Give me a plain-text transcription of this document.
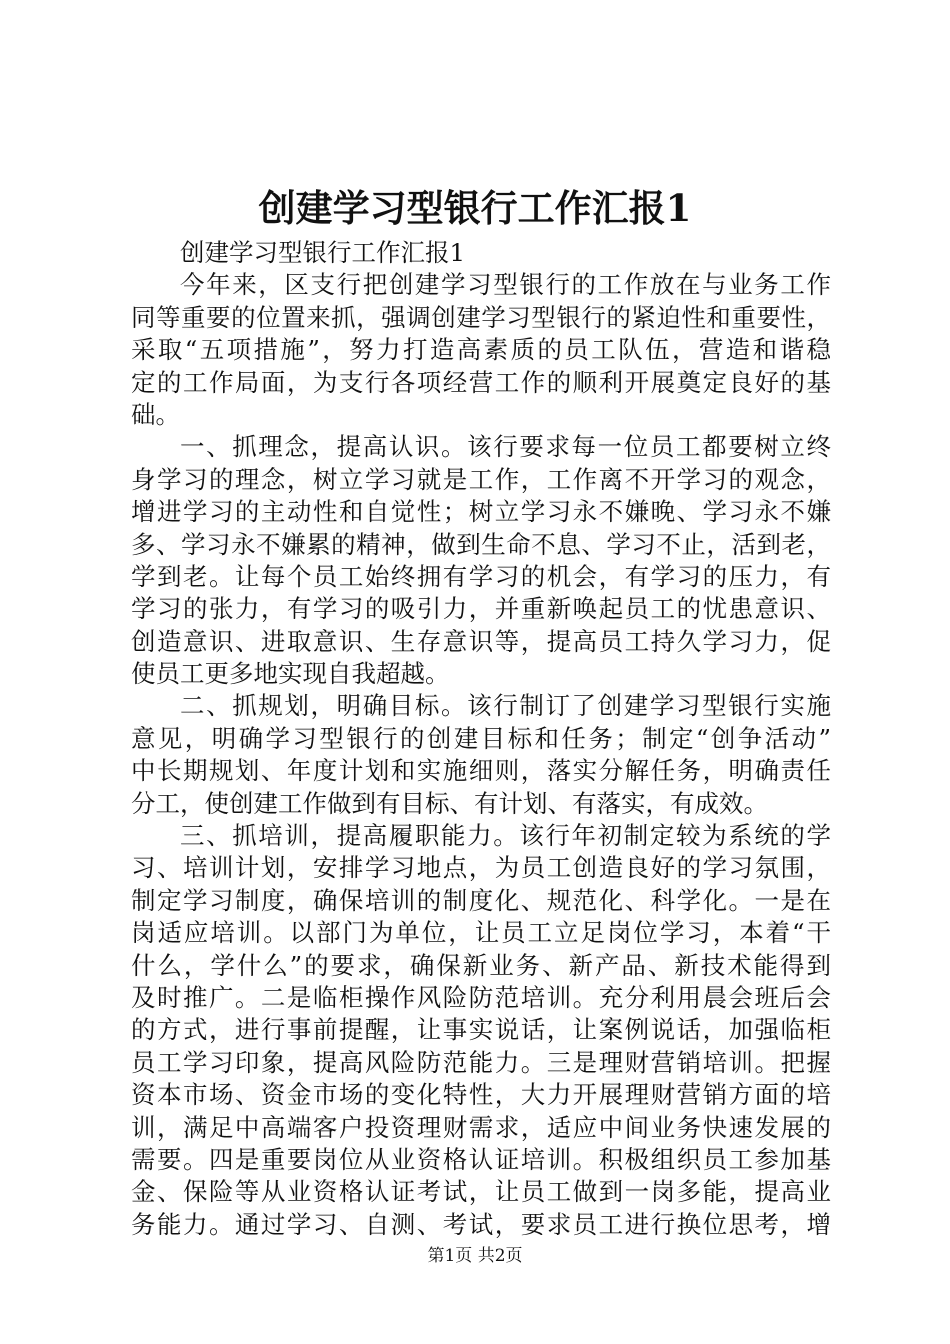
创建学习型银行工作汇报1
创建学习型银行工作汇报1
今年来，区支行把创建学习型银行的工作放在与业务工作
同等重要的位置来抓，强调创建学习型银行的紧迫性和重要性，
采取“五项措施”，努力打造高素质的员工队伍，营造和谐稳
定的工作局面，为支行各项经营工作的顺利开展奠定良好的基
础。
一、抓理念，提高认识。该行要求每一位员工都要树立终
身学习的理念，树立学习就是工作，工作离不开学习的观念，
增进学习的主动性和自觉性；树立学习永不嫌晚、学习永不嫌
多、学习永不嫌累的精神，做到生命不息、学习不止，活到老，
学到老。让每个员工始终拥有学习的机会，有学习的压力，有
学习的张力，有学习的吸引力，并重新唤起员工的忧患意识、
创造意识、进取意识、生存意识等，提高员工持久学习力，促
使员工更多地实现自我超越。
二、抓规划，明确目标。该行制订了创建学习型银行实施
意见，明确学习型银行的创建目标和任务；制定“创争活动”
中长期规划、年度计划和实施细则，落实分解任务，明确责任
分工，使创建工作做到有目标、有计划、有落实，有成效。
三、抓培训，提高履职能力。该行年初制定较为系统的学
习、培训计划，安排学习地点，为员工创造良好的学习氛围，
制定学习制度，确保培训的制度化、规范化、科学化。一是在
岗适应培训。以部门为单位，让员工立足岗位学习，本着“干
什么，学什么”的要求，确保新业务、新产品、新技术能得到
及时推广。二是临柜操作风险防范培训。充分利用晨会班后会
的方式，进行事前提醒，让事实说话，让案例说话，加强临柜
员工学习印象，提高风险防范能力。三是理财营销培训。把握
资本市场、资金市场的变化特性，大力开展理财营销方面的培
训，满足中高端客户投资理财需求，适应中间业务快速发展的
需要。四是重要岗位从业资格认证培训。积极组织员工参加基
金、保险等从业资格认证考试，让员工做到一岗多能，提高业
务能力。通过学习、自测、考试，要求员工进行换位思考，增
第1页 共2页
